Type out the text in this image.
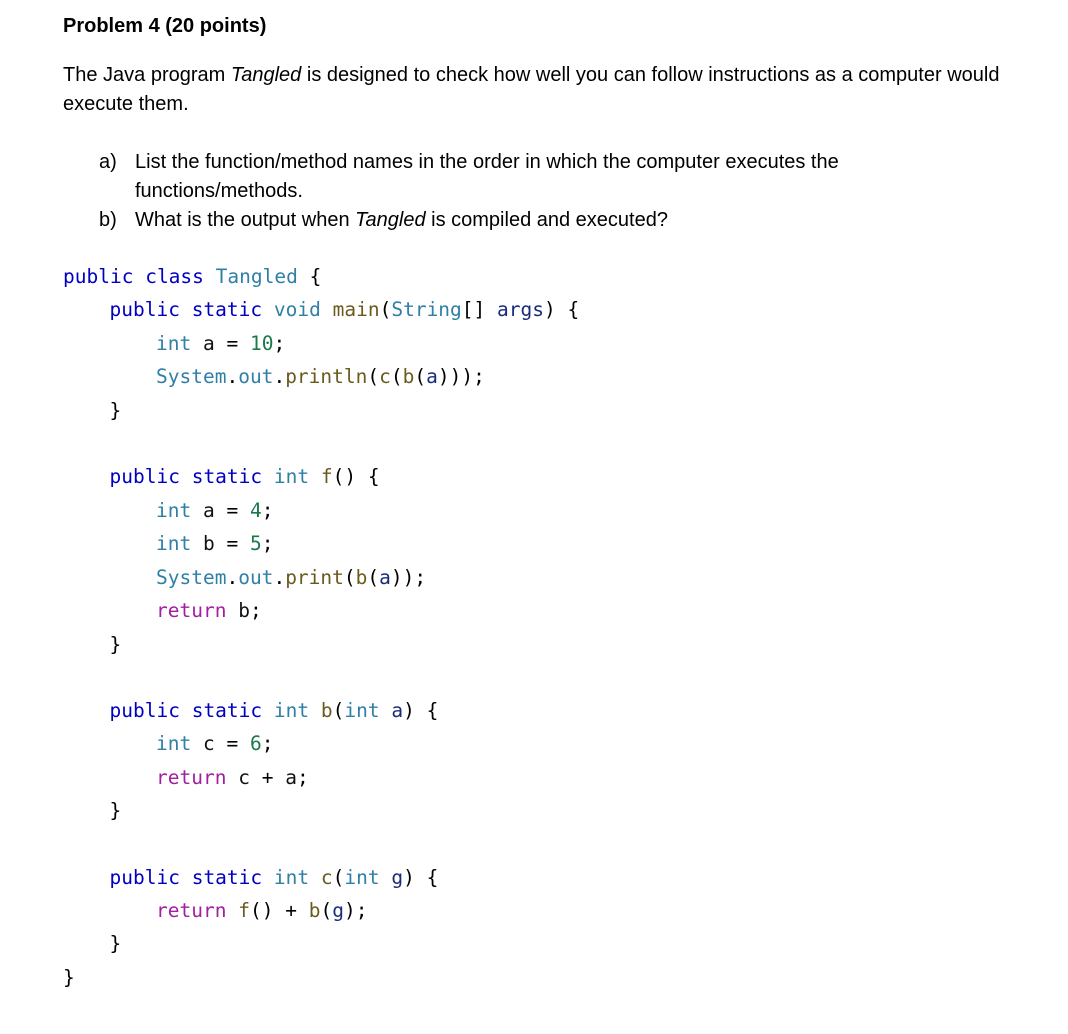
Problem 4 (20 points)
The Java program Tangled is designed to check how well you can follow instructions as a computer would execute them.
a) List the function/method names in the order in which the computer executes the functions/methods.
b) What is the output when Tangled is compiled and executed?
public class Tangled {
public static void main(String[] args) {
int a = 10;
System.out.println(c(b(a)));
}
public static int f() {
int a = 4;
int b = 5;
System.out.print(b(a));
return b;
}
public static int b(int a) {
int c = 6;
return c + a;
}
public static int c(int g) {
return f() + b(g);
}
}
